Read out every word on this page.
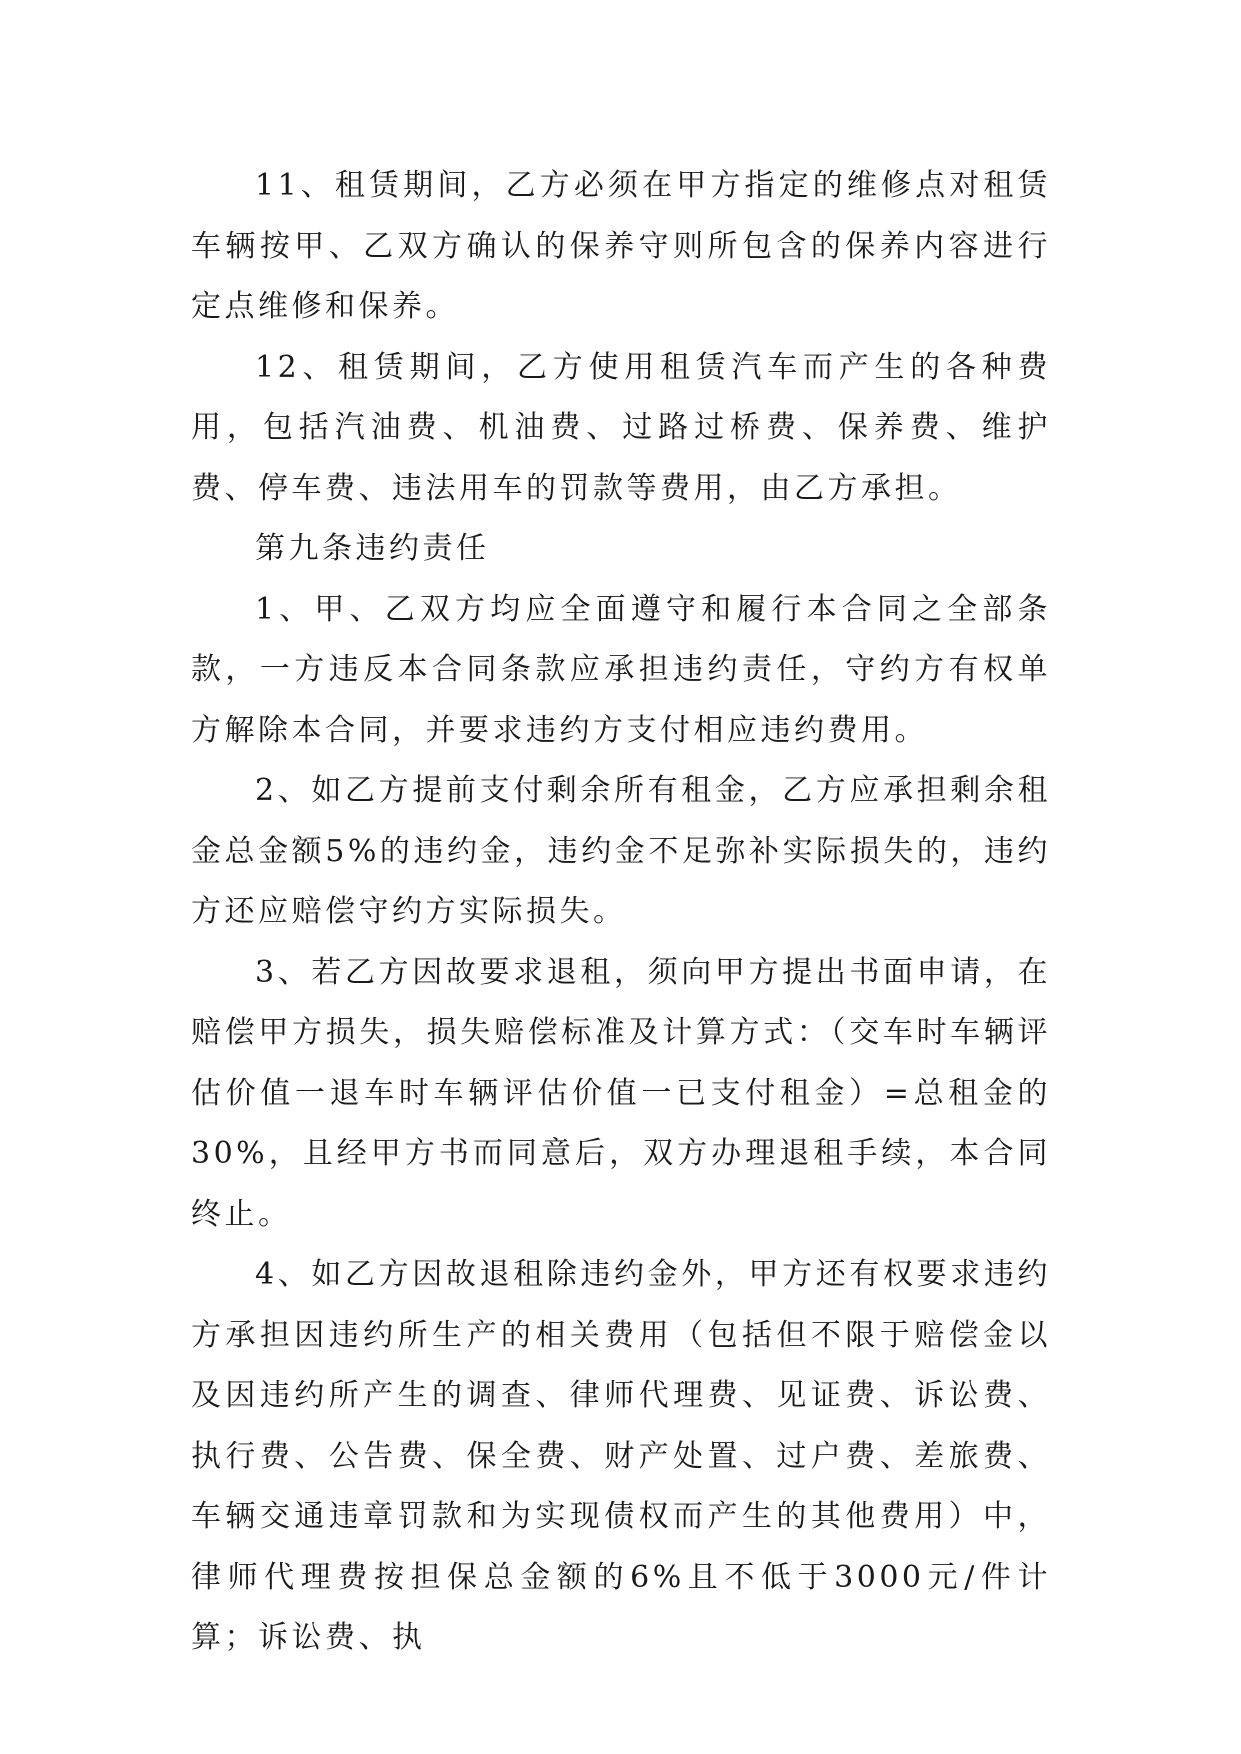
11、租赁期间，乙方必须在甲方指定的维修点对租赁车辆按甲、乙双方确认的保养守则所包含的保养内容进行定点维修和保养。

12、租赁期间，乙方使用租赁汽车而产生的各种费用，包括汽油费、机油费、过路过桥费、保养费、维护费、停车费、违法用车的罚款等费用，由乙方承担。

第九条违约责任

1、甲、乙双方均应全面遵守和履行本合同之全部条款，一方违反本合同条款应承担违约责任，守约方有权单方解除本合同，并要求违约方支付相应违约费用。

2、如乙方提前支付剩余所有租金，乙方应承担剩余租金总金额5%的违约金，违约金不足弥补实际损失的，违约方还应赔偿守约方实际损失。

3、若乙方因故要求退租，须向甲方提出书面申请，在赔偿甲方损失，损失赔偿标准及计算方式：（交车时车辆评估价值一退车时车辆评估价值一已支付租金）=总租金的30%，且经甲方书而同意后，双方办理退租手续，本合同终止。

4、如乙方因故退租除违约金外，甲方还有权要求违约方承担因违约所生产的相关费用（包括但不限于赔偿金以及因违约所产生的调查、律师代理费、见证费、诉讼费、执行费、公告费、保全费、财产处置、过户费、差旅费、车辆交通违章罚款和为实现债权而产生的其他费用）中，律师代理费按担保总金额的6%且不低于3000元/件计算；诉讼费、执
